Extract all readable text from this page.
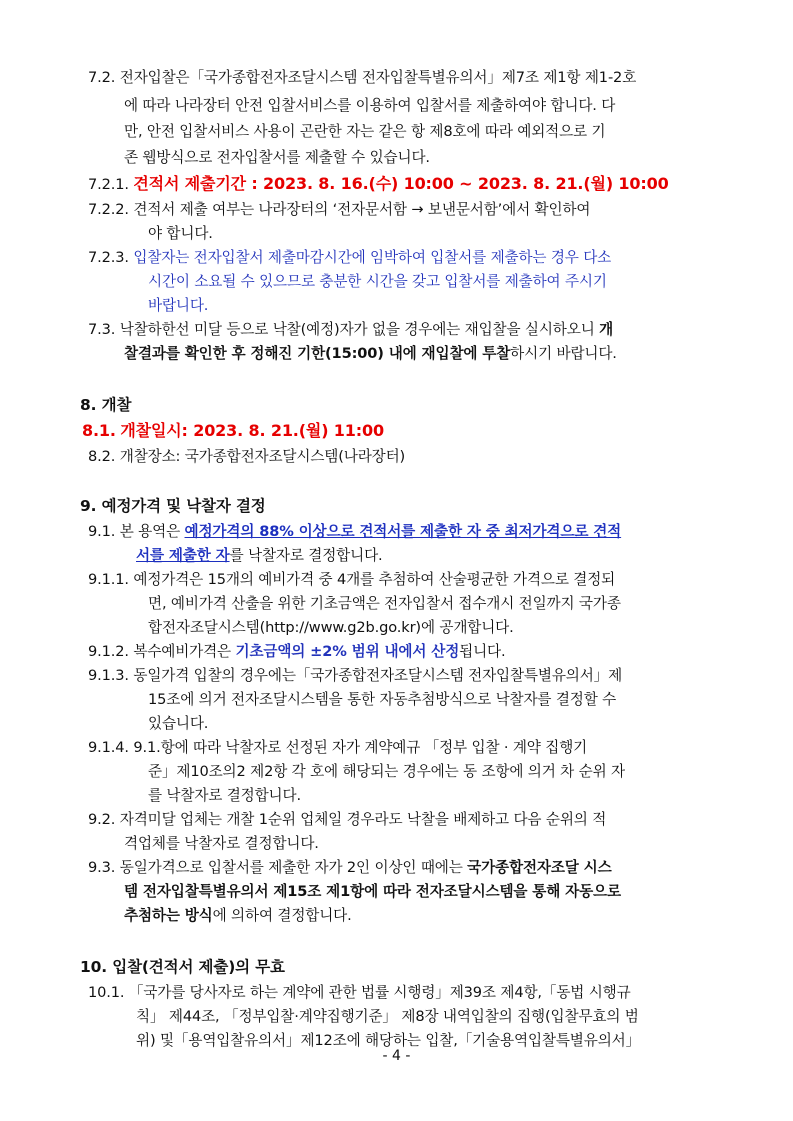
7.2. 전자입찰은「국가종합전자조달시스템 전자입찰특별유의서」제7조 제1항 제1-2호
에 따라 나라장터 안전 입찰서비스를 이용하여 입찰서를 제출하여야 합니다. 다
만, 안전 입찰서비스 사용이 곤란한 자는 같은 항 제8호에 따라 예외적으로 기
존 웹방식으로 전자입찰서를 제출할 수 있습니다.
7.2.1. 견적서 제출기간 : 2023. 8. 16.(수) 10:00 ~ 2023. 8. 21.(월) 10:00
7.2.2. 견적서 제출 여부는 나라장터의 ‘전자문서함 → 보낸문서함’에서 확인하여
야 합니다.
7.2.3. 입찰자는 전자입찰서 제출마감시간에 임박하여 입찰서를 제출하는 경우 다소
시간이 소요될 수 있으므로 충분한 시간을 갖고 입찰서를 제출하여 주시기
바랍니다.
7.3. 낙찰하한선 미달 등으로 낙찰(예정)자가 없을 경우에는 재입찰을 실시하오니 개
찰결과를 확인한 후 정해진 기한(15:00) 내에 재입찰에 투찰하시기 바랍니다.
8. 개찰
8.1. 개찰일시: 2023. 8. 21.(월) 11:00
8.2. 개찰장소: 국가종합전자조달시스템(나라장터)
9. 예정가격 및 낙찰자 결정
9.1. 본 용역은 예정가격의 88% 이상으로 견적서를 제출한 자 중 최저가격으로 견적
서를 제출한 자를 낙찰자로 결정합니다.
9.1.1. 예정가격은 15개의 예비가격 중 4개를 추첨하여 산술평균한 가격으로 결정되
면, 예비가격 산출을 위한 기초금액은 전자입찰서 접수개시 전일까지 국가종
합전자조달시스템(http://www.g2b.go.kr)에 공개합니다.
9.1.2. 복수예비가격은 기초금액의 ±2% 범위 내에서 산정됩니다.
9.1.3. 동일가격 입찰의 경우에는「국가종합전자조달시스템 전자입찰특별유의서」제
15조에 의거 전자조달시스템을 통한 자동추첨방식으로 낙찰자를 결정할 수
있습니다.
9.1.4. 9.1.항에 따라 낙찰자로 선정된 자가 계약예규 「정부 입찰 · 계약 집행기
준」제10조의2 제2항 각 호에 해당되는 경우에는 동 조항에 의거 차 순위 자
를 낙찰자로 결정합니다.
9.2. 자격미달 업체는 개찰 1순위 업체일 경우라도 낙찰을 배제하고 다음 순위의 적
격업체를 낙찰자로 결정합니다.
9.3. 동일가격으로 입찰서를 제출한 자가 2인 이상인 때에는 국가종합전자조달 시스
템 전자입찰특별유의서 제15조 제1항에 따라 전자조달시스템을 통해 자동으로
추첨하는 방식에 의하여 결정합니다.
10. 입찰(견적서 제출)의 무효
10.1. 「국가를 당사자로 하는 계약에 관한 법률 시행령」제39조 제4항,「동법 시행규
칙」 제44조, 「정부입찰·계약집행기준」 제8장 내역입찰의 집행(입찰무효의 범
위) 및「용역입찰유의서」제12조에 해당하는 입찰,「기술용역입찰특별유의서」
- 4 -
